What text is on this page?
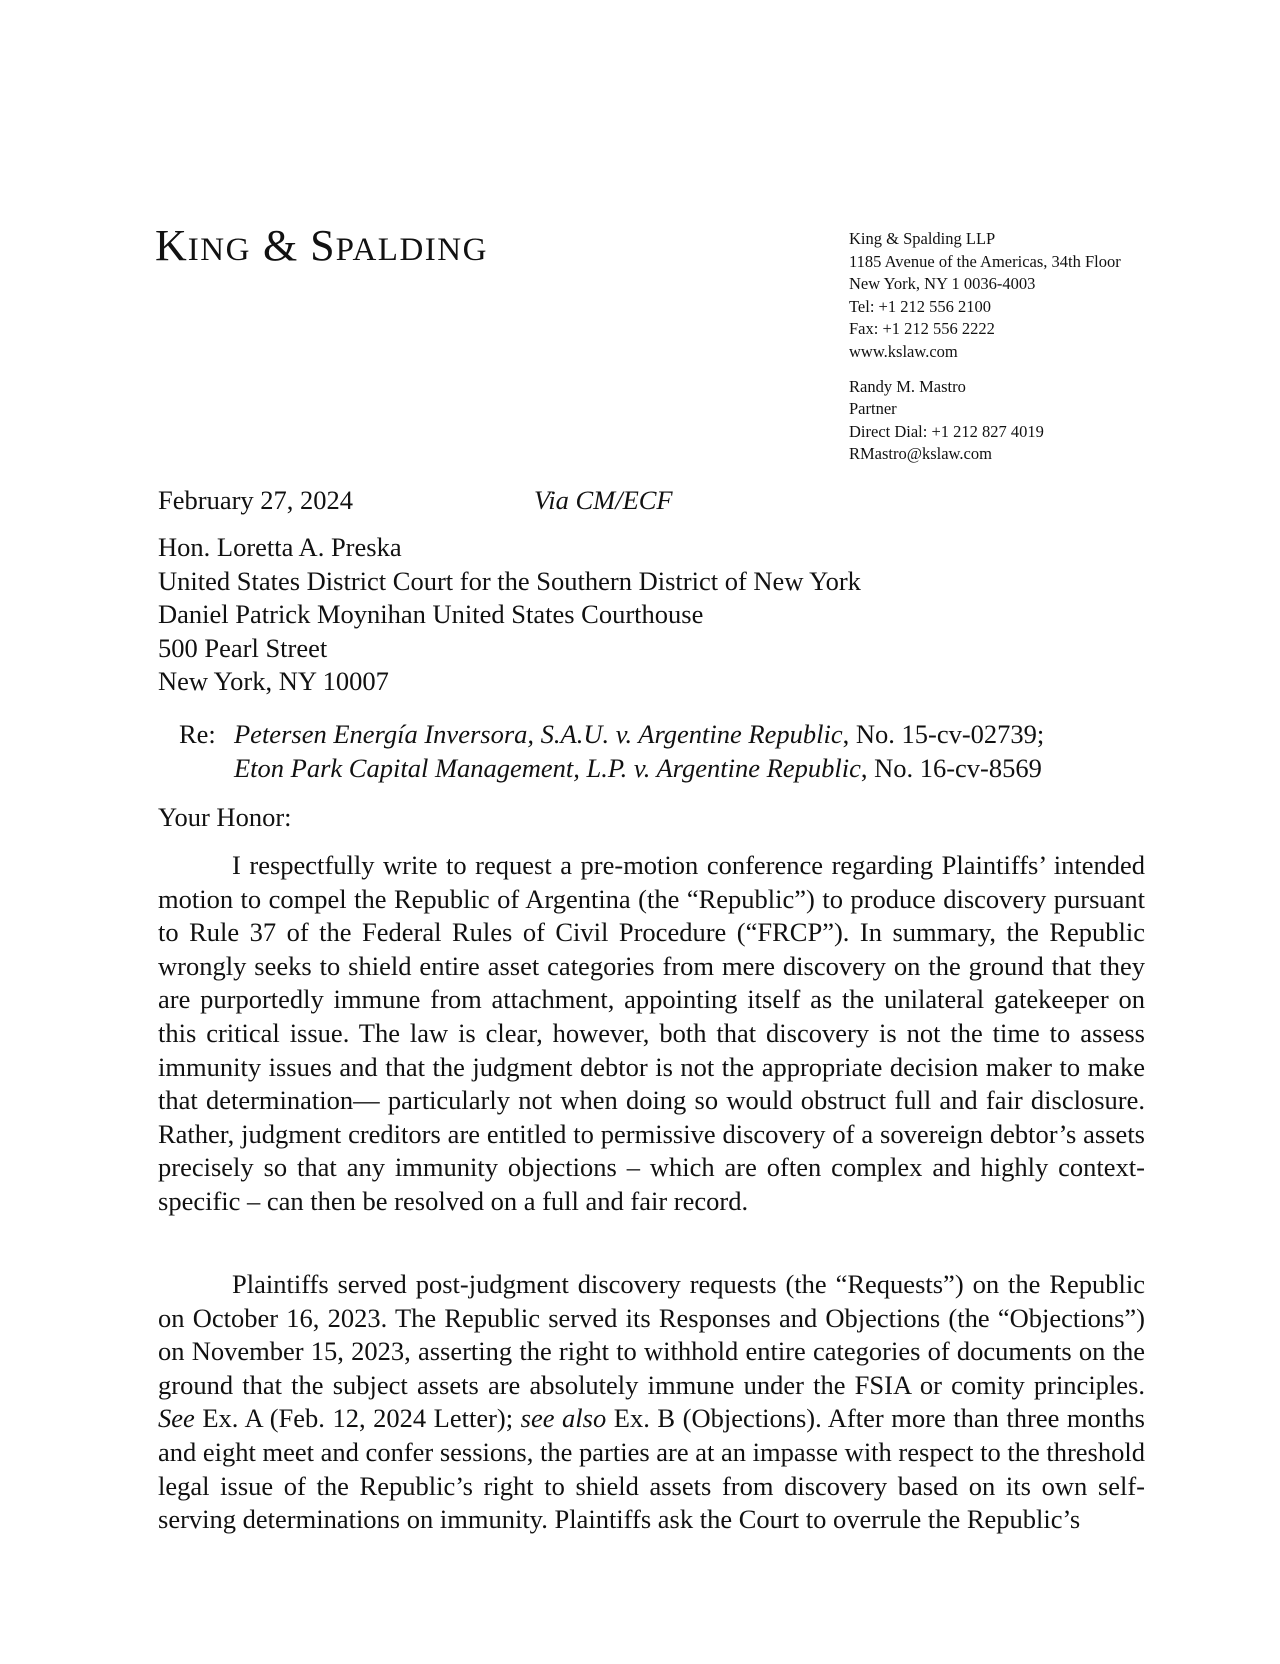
KING & SPALDING	King & Spalding LLP
1185 Avenue of the Americas, 34th Floor
New York, NY 1 0036-4003
Tel: +1 212 556 2100
Fax: +1 212 556 2222
www.kslaw.com
Randy M. Mastro
Partner
Direct Dial: +1 212 827 4019
RMastro@kslaw.com
February 27, 2024	Via CM/ECF
Hon. Loretta A. Preska
United States District Court for the Southern District of New York
Daniel Patrick Moynihan United States Courthouse
500 Pearl Street
New York, NY 10007
Re: Petersen Energía Inversora, S.A.U. v. Argentine Republic, No. 15-cv-02739;
Eton Park Capital Management, L.P. v. Argentine Republic, No. 16-cv-8569
Your Honor:

I respectfully write to request a pre-motion conference regarding Plaintiffs’ intended motion to compel the Republic of Argentina (the “Republic”) to produce discovery pursuant to Rule 37 of the Federal Rules of Civil Procedure (“FRCP”). In summary, the Republic wrongly seeks to shield entire asset categories from mere discovery on the ground that they are purportedly immune from attachment, appointing itself as the unilateral gatekeeper on this critical issue. The law is clear, however, both that discovery is not the time to assess immunity issues and that the judgment debtor is not the appropriate decision maker to make that determination— particularly not when doing so would obstruct full and fair disclosure. Rather, judgment creditors are entitled to permissive discovery of a sovereign debtor’s assets precisely so that any immunity objections – which are often complex and highly context-specific – can then be resolved on a full and fair record.

Plaintiffs served post-judgment discovery requests (the “Requests”) on the Republic on October 16, 2023. The Republic served its Responses and Objections (the “Objections”) on November 15, 2023, asserting the right to withhold entire categories of documents on the ground that the subject assets are absolutely immune under the FSIA or comity principles. See Ex. A (Feb. 12, 2024 Letter); see also Ex. B (Objections). After more than three months and eight meet and confer sessions, the parties are at an impasse with respect to the threshold legal issue of the Republic’s right to shield assets from discovery based on its own self-serving determinations on immunity. Plaintiffs ask the Court to overrule the Republic’s
